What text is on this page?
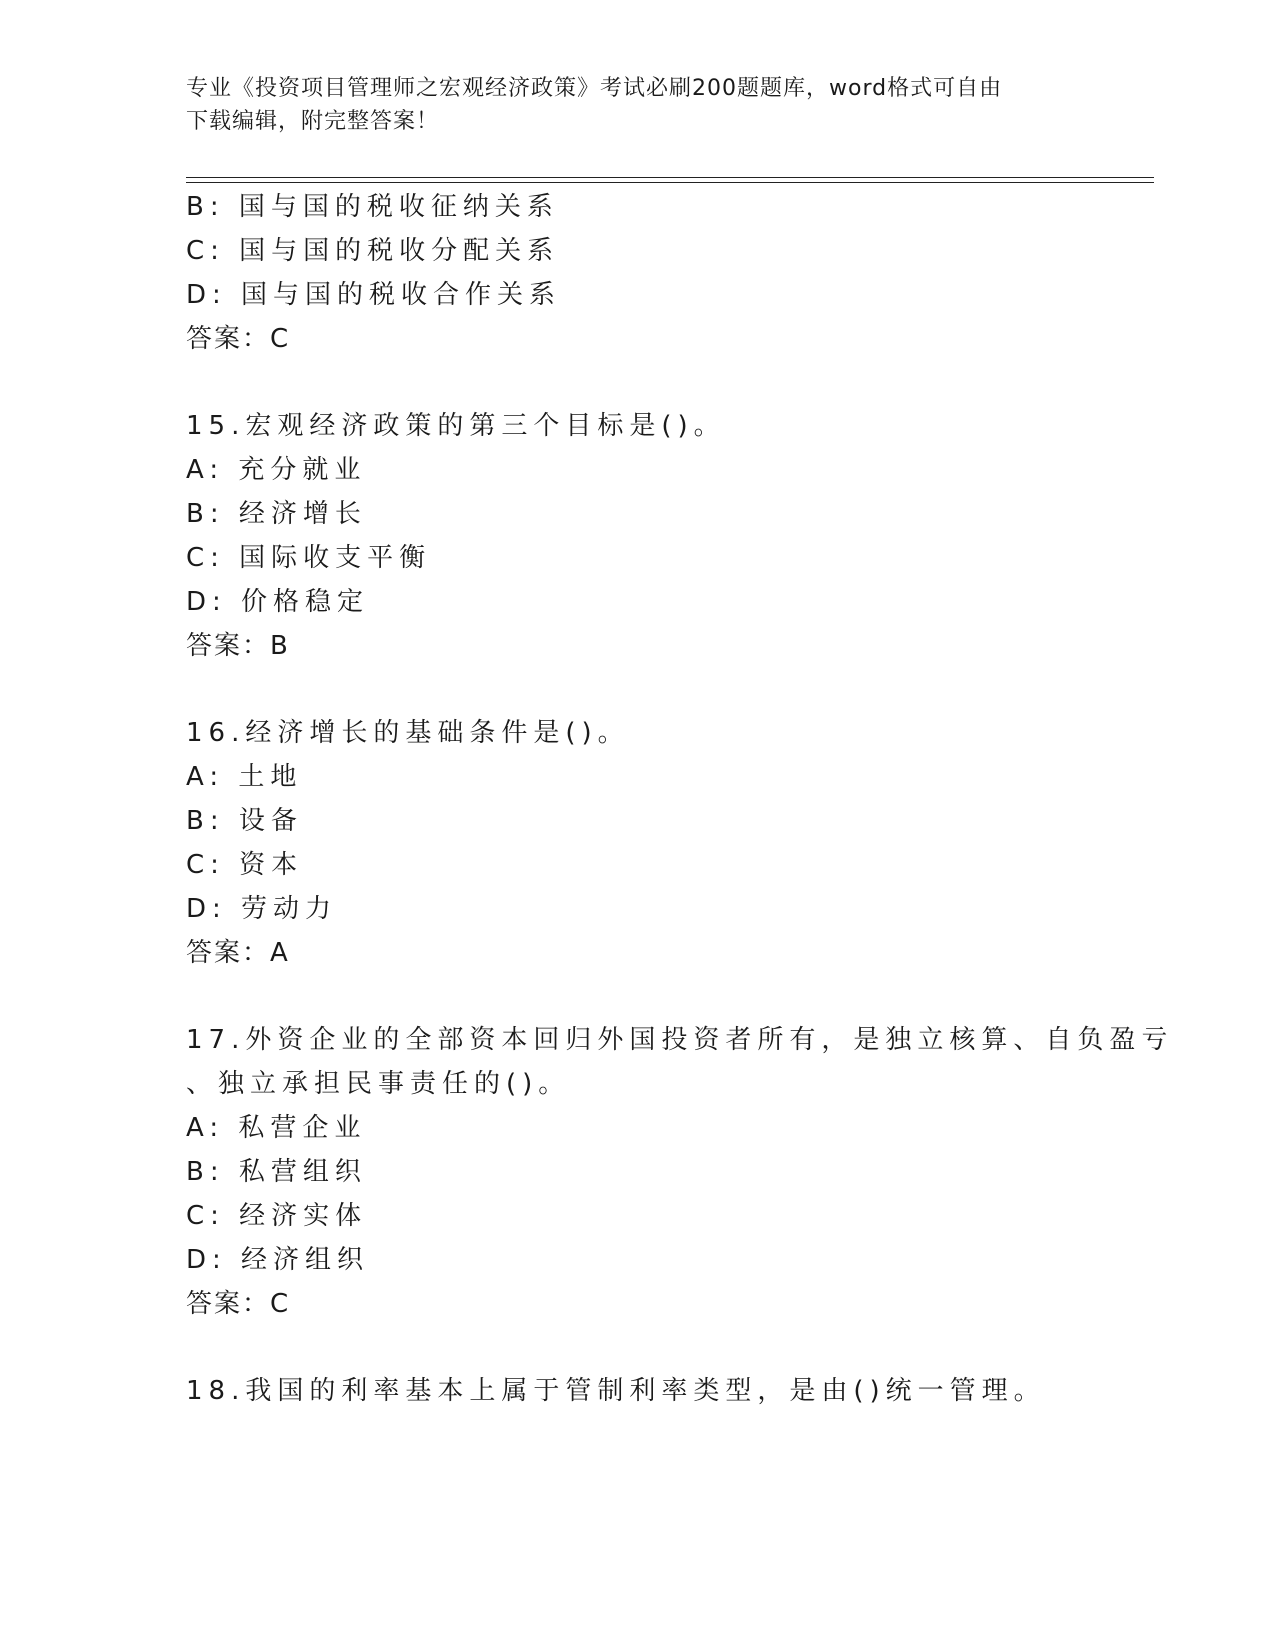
专业《投资项目管理师之宏观经济政策》考试必刷200题题库，word格式可自由
下载编辑，附完整答案！
B: 国与国的税收征纳关系
C: 国与国的税收分配关系
D: 国与国的税收合作关系
答案：C
15.宏观经济政策的第三个目标是()。
A: 充分就业
B: 经济增长
C: 国际收支平衡
D: 价格稳定
答案：B
16.经济增长的基础条件是()。
A: 土地
B: 设备
C: 资本
D: 劳动力
答案：A
17.外资企业的全部资本回归外国投资者所有，是独立核算、自负盈亏
、独立承担民事责任的()。
A: 私营企业
B: 私营组织
C: 经济实体
D: 经济组织
答案：C
18.我国的利率基本上属于管制利率类型，是由()统一管理。
